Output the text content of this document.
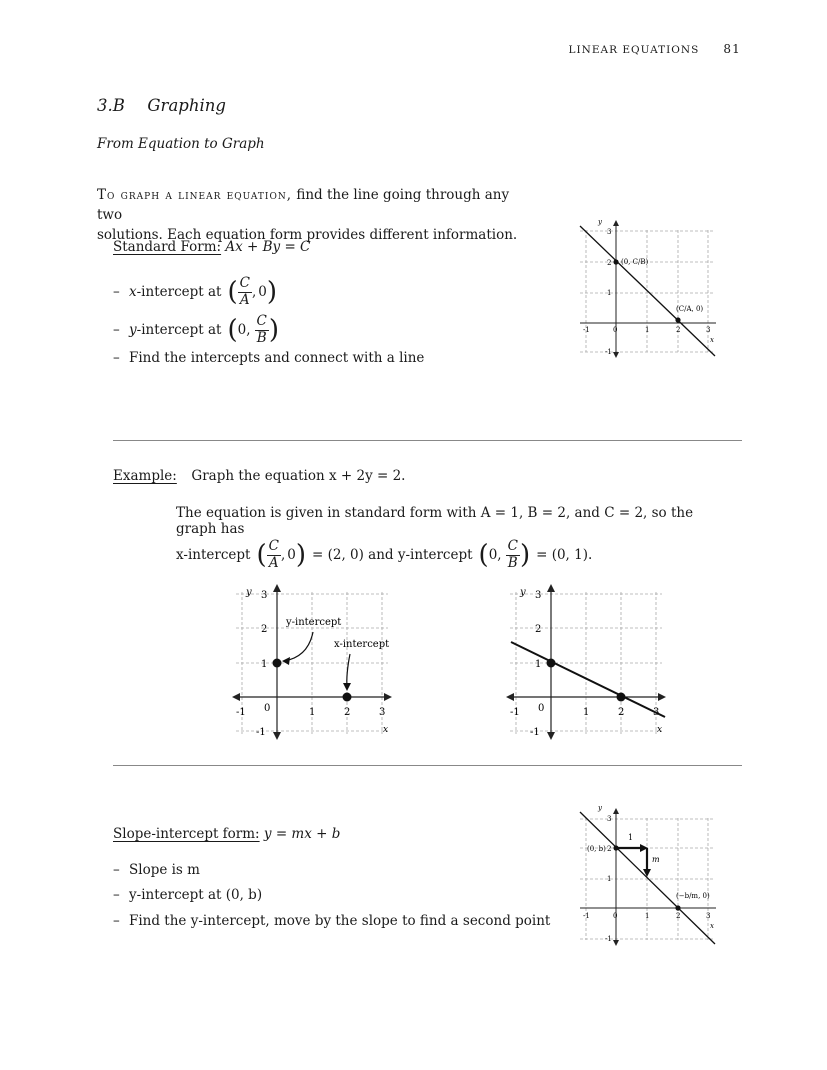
LINEAR EQUATIONS 81
3.B Graphing
From Equation to Graph
To graph a linear equation, find the line going through any two
solutions. Each equation form provides different information.
Standard Form: Ax + By = C
– x -intercept at ( $\frac{C}{A}$ , 0 )
– y -intercept at ( 0 , $\frac{C}{B}$ )
– Find the intercepts and connect with a line
y
x
3
2
1
-1
-1	0	1	2	3
(0, C/B)
(C/A, 0)
Example: Graph the equation x + 2y = 2.
The equation is given in standard form with A = 1, B = 2, and C = 2, so the graph has
x-intercept ( $\frac{C}{A}$ , 0 ) = (2, 0) and y-intercept ( 0 , $\frac{C}{B}$ ) = (0, 1).
y-intercept
x-intercept
y
x
3
2
1
-1
-1 0	1	2	3
y
x
3
2
1
-1
-1 0	1	2	3
Slope-intercept form: y = mx + b
– Slope is m
– y-intercept at (0, b)
– Find the y-intercept, move by the slope to find a second point
y
x
3
2
1
-1
-1	0	1	2	3
(0, b)
1
m
(−b/m, 0)
